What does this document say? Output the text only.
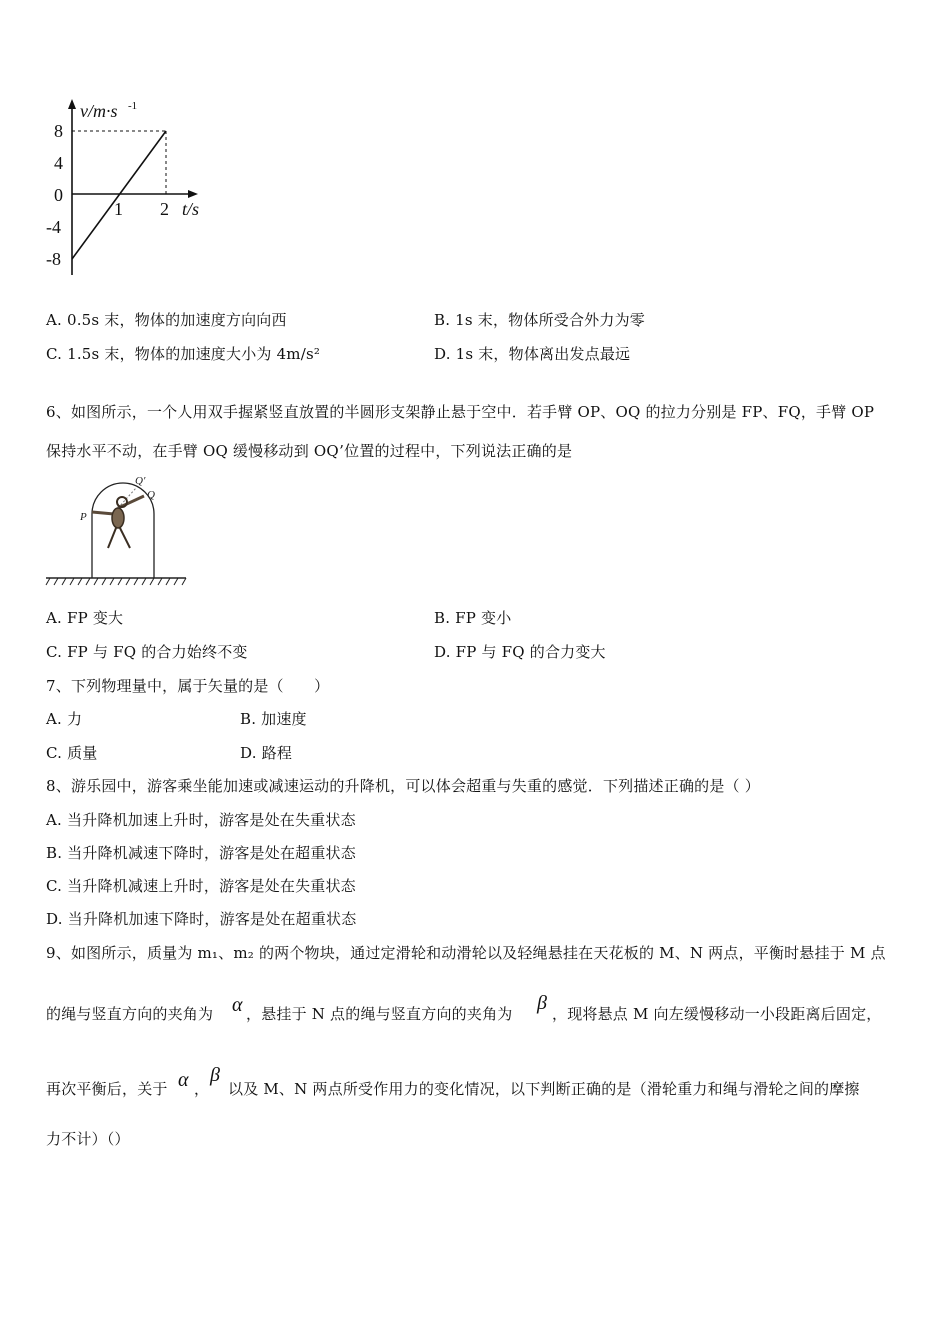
v/m·s -1
8
4
0
-4
-8
1 2 t/s
A. 0.5s 末，物体的加速度方向向西	B. 1s 末，物体所受合外力为零
C. 1.5s 末，物体的加速度大小为 4m/s²	D. 1s 末，物体离出发点最远
6、如图所示，一个人用双手握紧竖直放置的半圆形支架静止悬于空中．若手臂 OP、OQ 的拉力分别是 FP、FQ，手臂 OP
保持水平不动，在手臂 OQ 缓慢移动到 OQ’位置的过程中，下列说法正确的是
P
Q
Q′
A. FP 变大	B. FP 变小
C. FP 与 FQ 的合力始终不变	D. FP 与 FQ 的合力变大
7、下列物理量中，属于矢量的是（　　）
A. 力	B. 加速度
C. 质量	D. 路程
8、游乐园中，游客乘坐能加速或减速运动的升降机，可以体会超重与失重的感觉．下列描述正确的是（ ）
A. 当升降机加速上升时，游客是处在失重状态
B. 当升降机减速下降时，游客是处在超重状态
C. 当升降机减速上升时，游客是处在失重状态
D. 当升降机加速下降时，游客是处在超重状态
9、如图所示，质量为 m₁、m₂ 的两个物块，通过定滑轮和动滑轮以及轻绳悬挂在天花板的 M、N 两点，平衡时悬挂于 M 点
的绳与竖直方向的夹角为 α ，悬挂于 N 点的绳与竖直方向的夹角为 β ，现将悬点 M 向左缓慢移动一小段距离后固定，
再次平衡后，关于 α ，
β
以及 M、N 两点所受作用力的变化情况，以下判断正确的是（滑轮重力和绳与滑轮之间的摩擦
力不计）（）
